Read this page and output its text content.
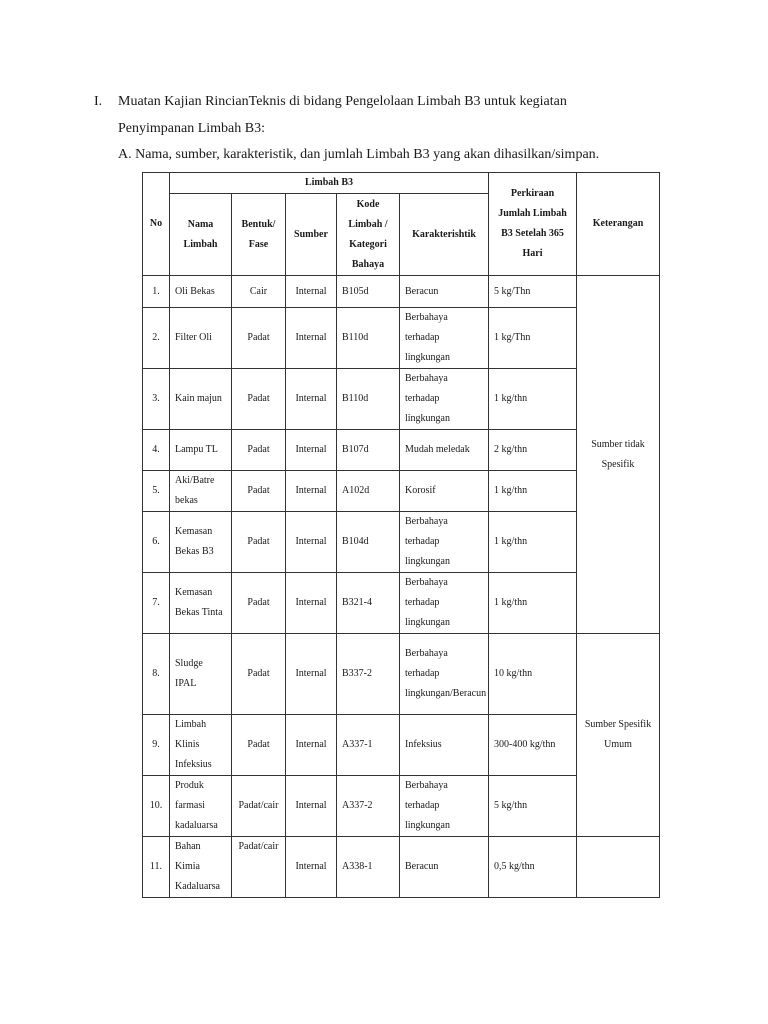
I. Muatan Kajian RincianTeknis di bidang Pengelolaan Limbah B3 untuk kegiatan
Penyimpanan Limbah B3:
A. Nama, sumber, karakteristik, dan jumlah Limbah B3 yang akan dihasilkan/simpan.
No	Limbah B3					Perkiraan Jumlah Limbah B3 Setelah 365 Hari	Keterangan
	Nama Limbah	Bentuk/ Fase	Sumber	Kode Limbah / Kategori Bahaya	Karakterishtik		
1.	Oli Bekas	Cair	Internal	B105d	Beracun	5 kg/Thn	Sumber tidak Spesifik
2.	Filter Oli	Padat	Internal	B110d	Berbahaya terhadap lingkungan	1 kg/Thn	
3.	Kain majun	Padat	Internal	B110d	Berbahaya terhadap lingkungan	1 kg/thn	
4.	Lampu TL	Padat	Internal	B107d	Mudah meledak	2 kg/thn	
5.	Aki/Batre bekas	Padat	Internal	A102d	Korosif	1 kg/thn	
6.	Kemasan Bekas B3	Padat	Internal	B104d	Berbahaya terhadap lingkungan	1 kg/thn	
7.	Kemasan Bekas Tinta	Padat	Internal	B321-4	Berbahaya terhadap lingkungan	1 kg/thn	
8.	Sludge IPAL	Padat	Internal	B337-2	Berbahaya terhadap lingkungan/Beracun	10 kg/thn	Sumber Spesifik Umum
9.	Limbah Klinis Infeksius	Padat	Internal	A337-1	Infeksius	300-400 kg/thn	
10.	Produk farmasi kadaluarsa	Padat/cair	Internal	A337-2	Berbahaya terhadap lingkungan	5 kg/thn	
11.	Bahan Kimia Kadaluarsa	Padat/cair	Internal	A338-1	Beracun	0,5 kg/thn	
